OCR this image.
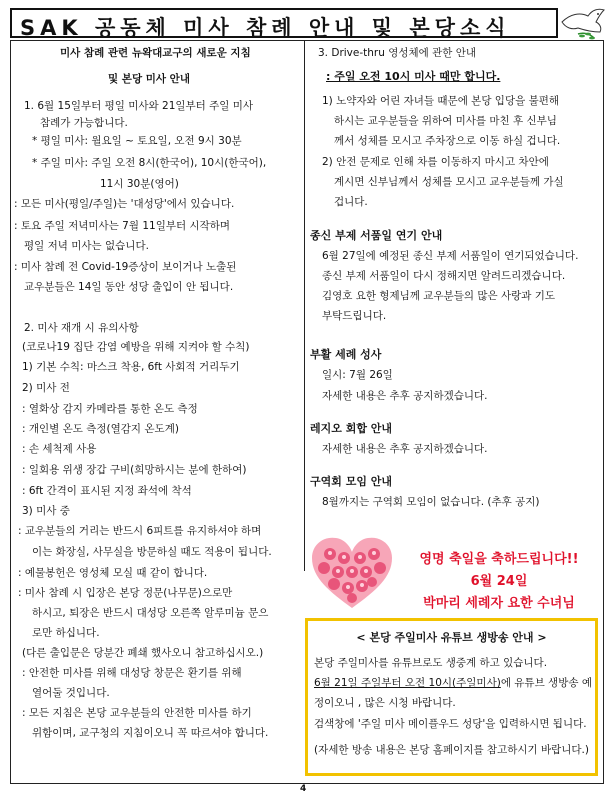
SAK 공동체 미사 참례 안내 및 본당소식
미사 참례 관련 뉴왁대교구의 새로운 지침
및 본당 미사 안내
1. 6월 15일부터 평일 미사와 21일부터 주일 미사
참례가 가능합니다.
* 평일 미사: 월요일 ~ 토요일, 오전 9시 30분
* 주일 미사: 주일 오전 8시(한국어), 10시(한국어),
11시 30분(영어)
: 모든 미사(평일/주일)는 '대성당'에서 있습니다.
: 토요 주일 저녁미사는 7월 11일부터 시작하며
평일 저녁 미사는 없습니다.
: 미사 참례 전 Covid-19증상이 보이거나 노출된
교우분들은 14일 동안 성당 출입이 안 됩니다.
2. 미사 재개 시 유의사항
(코로나19 집단 감염 예방을 위해 지켜야 할 수칙)
1) 기본 수칙: 마스크 착용, 6ft 사회적 거리두기
2) 미사 전
: 열화상 감지 카메라를 통한 온도 측정
: 개인별 온도 측정(열감지 온도계)
: 손 세척제 사용
: 일회용 위생 장갑 구비(희망하시는 분에 한하여)
: 6ft 간격이 표시된 지정 좌석에 착석
3) 미사 중
: 교우분들의 거리는 반드시 6피트를 유지하셔야 하며
이는 화장실, 사무실을 방문하실 때도 적용이 됩니다.
: 예물봉헌은 영성체 모실 때 같이 합니다.
: 미사 참례 시 입장은 본당 정문(나무문)으로만
하시고, 퇴장은 반드시 대성당 오른쪽 알루미늄 문으
로만 하십니다.
(다른 출입문은 당분간 폐쇄 했사오니 참고하십시오.)
: 안전한 미사를 위해 대성당 창문은 환기를 위해
열어둘 것입니다.
: 모든 지침은 본당 교우분들의 안전한 미사를 하기
위함이며, 교구청의 지침이오니 꼭 따르셔야 합니다.
3. Drive-thru 영성체에 관한 안내
: 주일 오전 10시 미사 때만 합니다.
1) 노약자와 어린 자녀들 때문에 본당 입당을 불편해
하시는 교우분들을 위하여 미사를 마친 후 신부님
께서 성체를 모시고 주차장으로 이동 하실 겁니다.
2) 안전 문제로 인해 차를 이동하지 마시고 차안에
계시면 신부님께서 성체를 모시고 교우분들께 가실
겁니다.
종신 부제 서품일 연기 안내
6월 27일에 예정된 종신 부제 서품일이 연기되었습니다.
종신 부제 서품일이 다시 정해지면 알려드리겠습니다.
김영호 요한 형제님께 교우분들의 많은 사랑과 기도
부탁드립니다.
부활 세례 성사
일시: 7월 26일
자세한 내용은 추후 공지하겠습니다.
레지오 회합 안내
자세한 내용은 추후 공지하겠습니다.
구역회 모임 안내
8월까지는 구역회 모임이 없습니다. (추후 공지)
영명 축일을 축하드립니다!!
6월 24일
박마리 세례자 요한 수녀님
< 본당 주일미사 유튜브 생방송 안내 >
본당 주일미사를 유튜브로도 생중계 하고 있습니다.
6월 21일 주일부터 오전 10시(주일미사)에 유튜브 생방송 예
정이오니 , 많은 시청 바랍니다.
검색창에 '주일 미사 메이플우드 성당'을 입력하시면 됩니다.
(자세한 방송 내용은 본당 홈페이지를 참고하시기 바랍니다.)
4
